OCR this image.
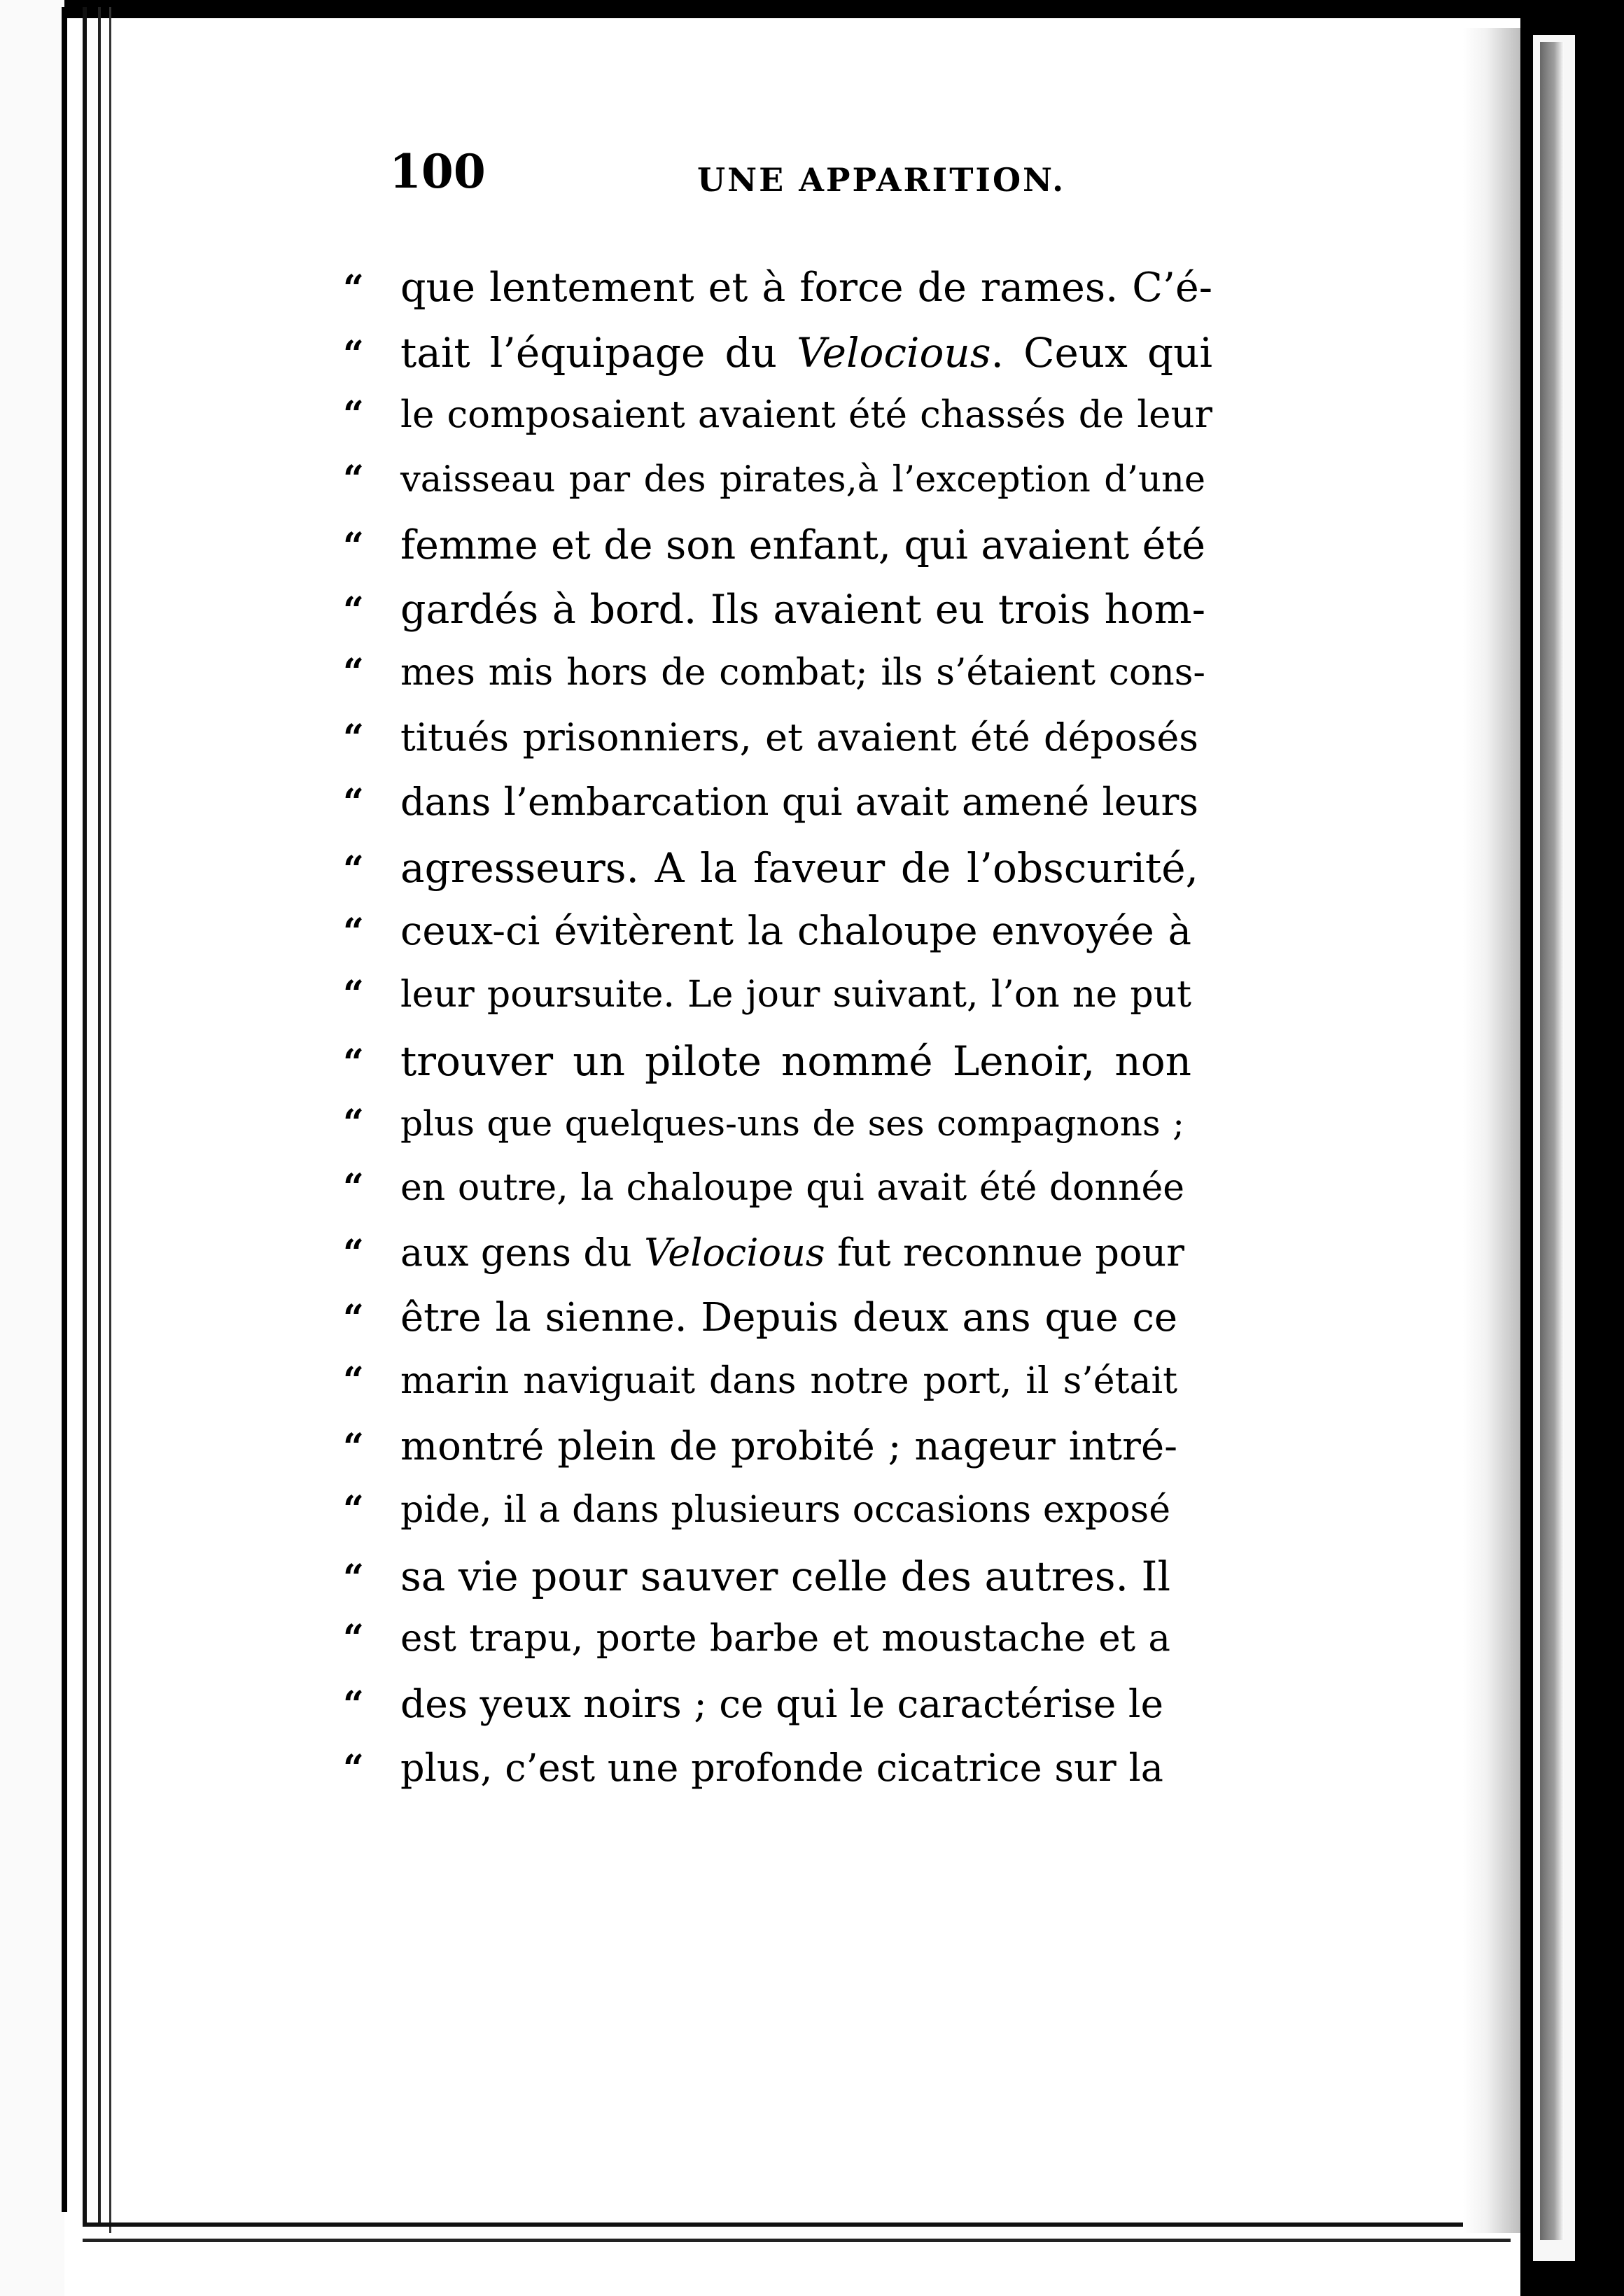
100	UNE APPARITION.
“ que lentement et à force de rames. C’é-
“ tait l’équipage du Velocious. Ceux qui
“ le composaient avaient été chassés de leur
“	vaisseau par des pirates,à l’exception d’une
“ femme et de son enfant, qui avaient été
“ gardés à bord. Ils avaient eu trois hom-
“	mes mis hors de combat; ils s’étaient cons-
“ titués prisonniers, et avaient été déposés
“ dans l’embarcation qui avait amené leurs
“ agresseurs. A la faveur de l’obscurité,
“ ceux-ci évitèrent la chaloupe envoyée à
“	leur poursuite. Le jour suivant, l’on ne put
“ trouver un pilote nommé Lenoir, non
“	plus que quelques-uns de ses compagnons ;
“	en outre, la chaloupe qui avait été donnée
“ aux gens du Velocious fut reconnue pour
“ être la sienne. Depuis deux ans que ce
“	marin naviguait dans notre port, il s’était
“ montré plein de probité ; nageur intré-
“	pide, il a dans plusieurs occasions exposé
“ sa vie pour sauver celle des autres. Il
“ est trapu, porte barbe et moustache et a
“ des yeux noirs ; ce qui le caractérise le
“ plus, c’est une profonde cicatrice sur la
